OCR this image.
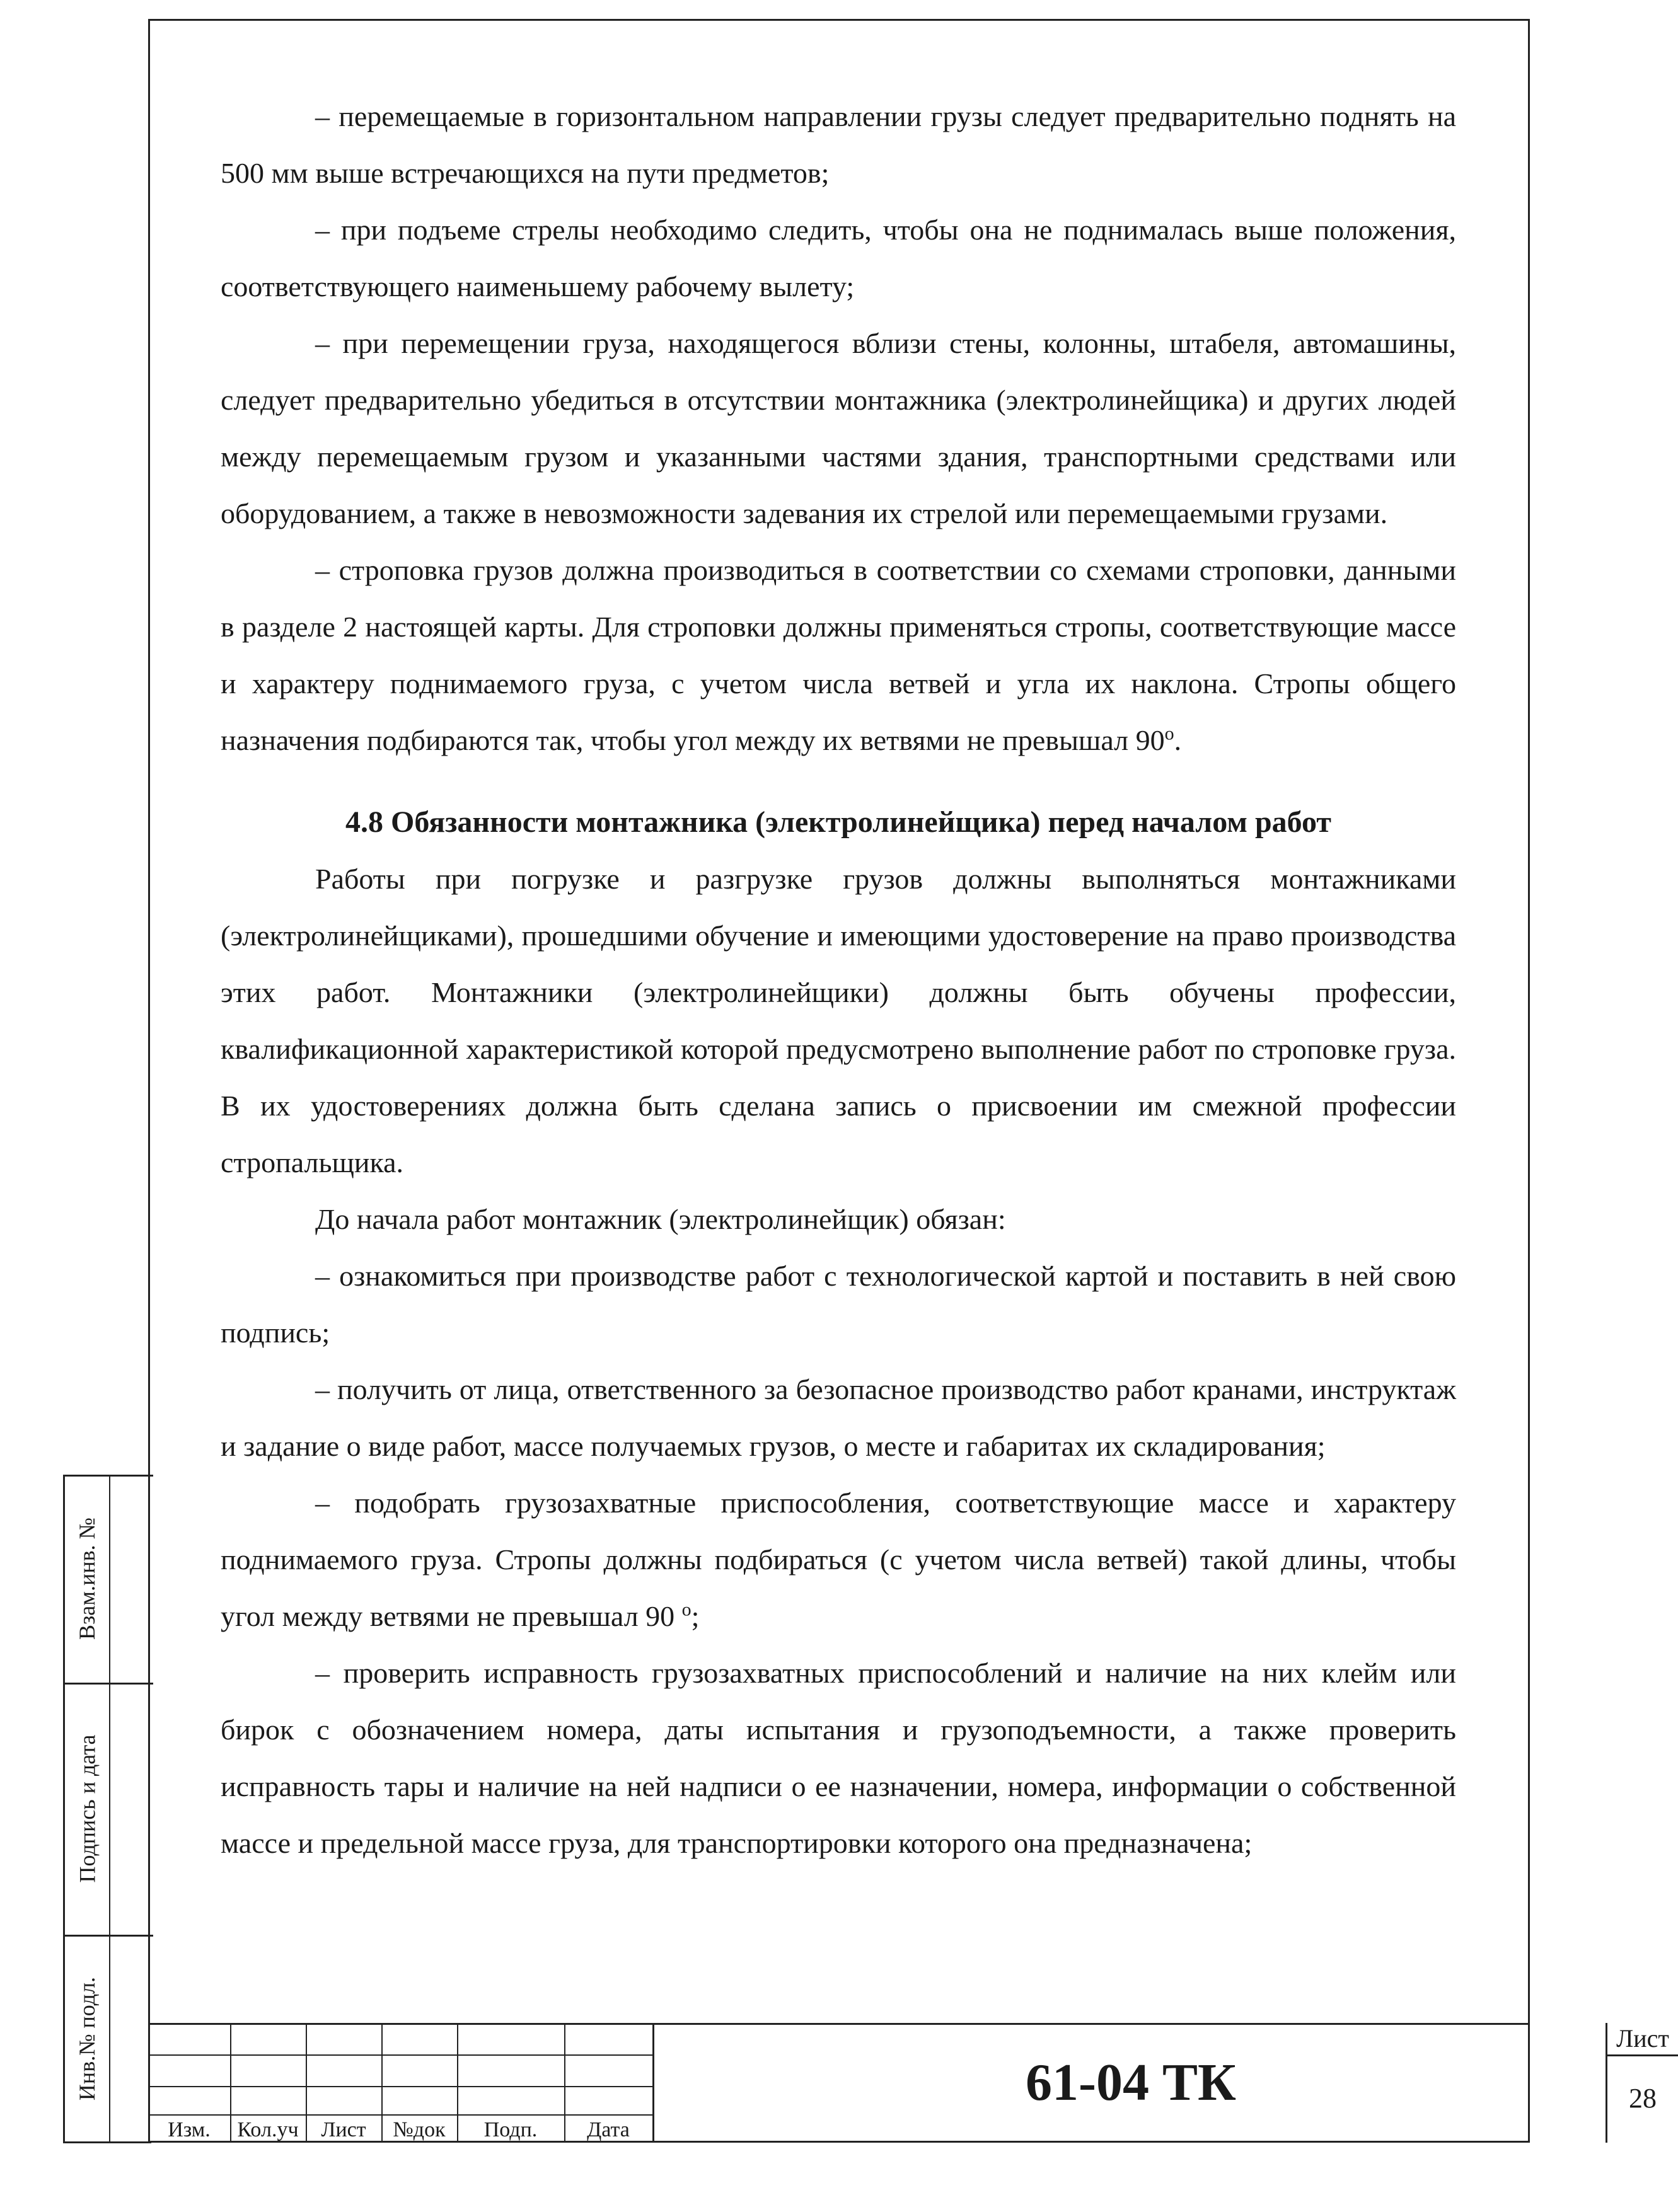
– перемещаемые в горизонтальном направлении грузы следует предварительно поднять на 500 мм выше встречающихся на пути предметов;

– при подъеме стрелы необходимо следить, чтобы она не поднималась выше положения, соответствующего наименьшему рабочему вылету;

– при перемещении груза, находящегося вблизи стены, колонны, штабеля, автомашины, следует предварительно убедиться в отсутствии монтажника (электролинейщика) и других людей между перемещаемым грузом и указанными частями здания, транспортными средствами или оборудованием, а также в невозможности задевания их стрелой или перемещаемыми грузами.

– строповка грузов должна производиться в соответствии со схемами строповки, данными в разделе 2 настоящей карты. Для строповки должны применяться стропы, соответствующие массе и характеру поднимаемого груза, с учетом числа ветвей и угла их наклона. Стропы общего назначения подбираются так, чтобы угол между их ветвями не превышал 90$^o$.

4.8 Обязанности монтажника (электролинейщика) перед началом работ

Работы при погрузке и разгрузке грузов должны выполняться монтажниками (электролинейщиками), прошедшими обучение и имеющими удостоверение на право производства этих работ. Монтажники (электролинейщики) должны быть обучены профессии, квалификационной характеристикой которой предусмотрено выполнение работ по строповке груза. В их удостоверениях должна быть сделана запись о присвоении им смежной профессии стропальщика.

До начала работ монтажник (электролинейщик) обязан:

– ознакомиться при производстве работ с технологической картой и поставить в ней свою подпись;

– получить от лица, ответственного за безопасное производство работ кранами, инструктаж и задание о виде работ, массе получаемых грузов, о месте и габаритах их складирования;

– подобрать грузозахватные приспособления, соответствующие массе и характеру поднимаемого груза. Стропы должны подбираться (с учетом числа ветвей) такой длины, чтобы угол между ветвями не превышал 90 $^o$;

– проверить исправность грузозахватных приспособлений и наличие на них клейм или бирок с обозначением номера, даты испытания и грузоподъемности, а также проверить исправность тары и наличие на ней надписи о ее назначении, номера, информации о собственной массе и предельной массе груза, для транспортировки которого она предназначена;

Взам.инв. №
Подпись и дата
Инв.№ подл.
Изм.	Кол.уч	Лист	№док	Подп.	Дата
61-04 ТК
Лист
28
